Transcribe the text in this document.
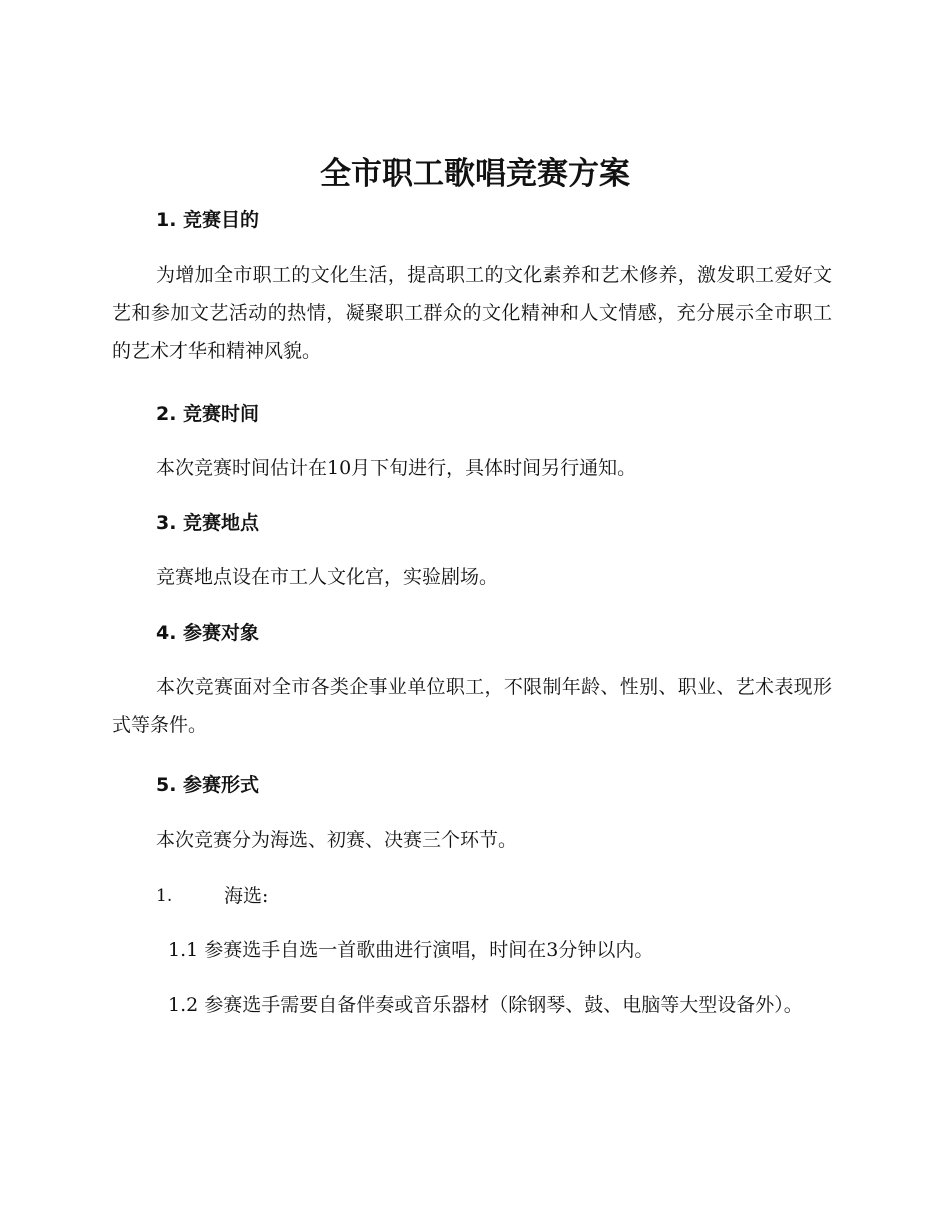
全市职工歌唱竞赛方案
1. 竞赛目的

为增加全市职工的文化生活，提高职工的文化素养和艺术修养，激发职工爱好文艺和参加文艺活动的热情，凝聚职工群众的文化精神和人文情感，充分展示全市职工的艺术才华和精神风貌。

2. 竞赛时间

本次竞赛时间估计在10月下旬进行，具体时间另行通知。

3. 竞赛地点

竞赛地点设在市工人文化宫，实验剧场。

4. 参赛对象

本次竞赛面对全市各类企事业单位职工，不限制年龄、性别、职业、艺术表现形式等条件。

5. 参赛形式

本次竞赛分为海选、初赛、决赛三个环节。

1.	海选:

1.1 参赛选手自选一首歌曲进行演唱，时间在3分钟以内。

1.2 参赛选手需要自备伴奏或音乐器材（除钢琴、鼓、电脑等大型设备外）。
